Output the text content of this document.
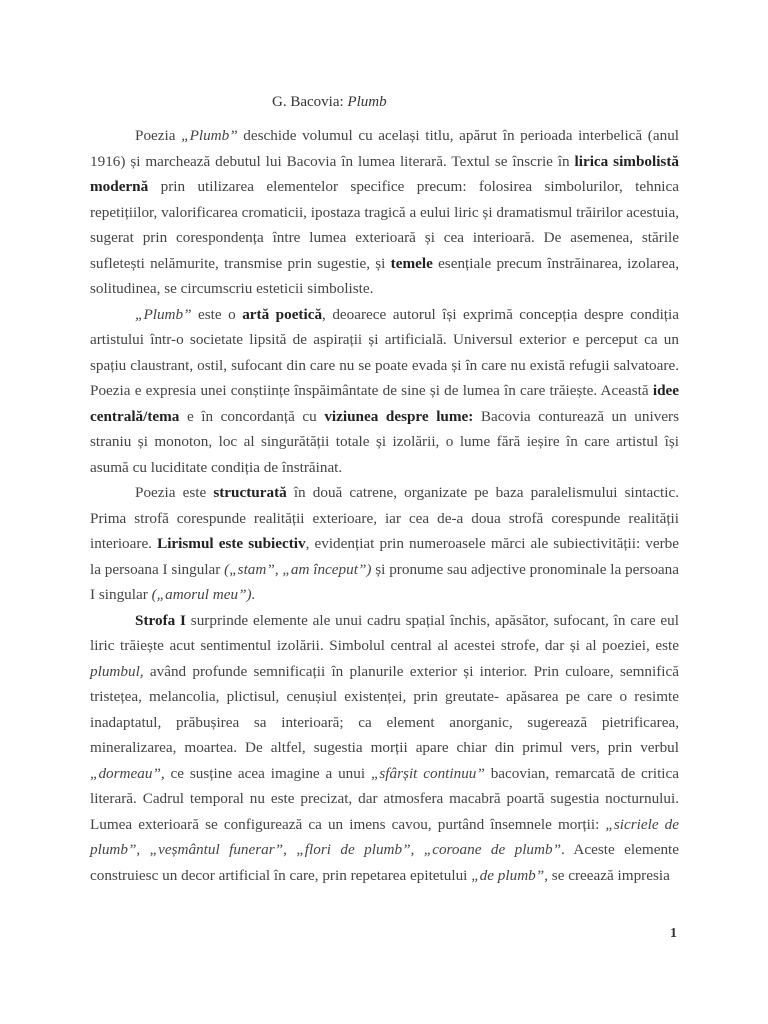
G. Bacovia: Plumb

Poezia „Plumb” deschide volumul cu același titlu, apărut în perioada interbelică (anul 1916) și marchează debutul lui Bacovia în lumea literară. Textul se înscrie în lirica simbolistă modernă prin utilizarea elementelor specifice precum: folosirea simbolurilor, tehnica repetițiilor, valorificarea cromaticii, ipostaza tragică a eului liric și dramatismul trăirilor acestuia, sugerat prin corespondența între lumea exterioară și cea interioară. De asemenea, stările sufletești nelămurite, transmise prin sugestie, și temele esențiale precum înstrăinarea, izolarea, solitudinea, se circumscriu esteticii simboliste.

„Plumb” este o artă poetică, deoarece autorul își exprimă concepția despre condiția artistului într-o societate lipsită de aspirații și artificială. Universul exterior e perceput ca un spațiu claustrant, ostil, sufocant din care nu se poate evada și în care nu există refugii salvatoare. Poezia e expresia unei conștiințe înspăimântate de sine și de lumea în care trăiește. Această idee centrală/tema e în concordanță cu viziunea despre lume: Bacovia conturează un univers straniu și monoton, loc al singurătății totale și izolării, o lume fără ieșire în care artistul își asumă cu luciditate condiția de înstrăinat.

Poezia este structurată în două catrene, organizate pe baza paralelismului sintactic. Prima strofă corespunde realității exterioare, iar cea de-a doua strofă corespunde realității interioare. Lirismul este subiectiv, evidențiat prin numeroasele mărci ale subiectivității: verbe la persoana I singular („stam”, „am început”) și pronume sau adjective pronominale la persoana I singular („amorul meu”).

Strofa I surprinde elemente ale unui cadru spațial închis, apăsător, sufocant, în care eul liric trăiește acut sentimentul izolării. Simbolul central al acestei strofe, dar și al poeziei, este plumbul, având profunde semnificații în planurile exterior și interior. Prin culoare, semnifică tristețea, melancolia, plictisul, cenușiul existenței, prin greutate- apăsarea pe care o resimte inadaptatul, prăbușirea sa interioară; ca element anorganic, sugerează pietrificarea, mineralizarea, moartea. De altfel, sugestia morții apare chiar din primul vers, prin verbul „dormeau”, ce susține acea imagine a unui „sfârșit continuu” bacovian, remarcată de critica literară. Cadrul temporal nu este precizat, dar atmosfera macabră poartă sugestia nocturnului. Lumea exterioară se configurează ca un imens cavou, purtând însemnele morții: „sicriele de plumb”, „veșmântul funerar”, „flori de plumb”, „coroane de plumb”. Aceste elemente construiesc un decor artificial în care, prin repetarea epitetului „de plumb”, se creează impresia

1
